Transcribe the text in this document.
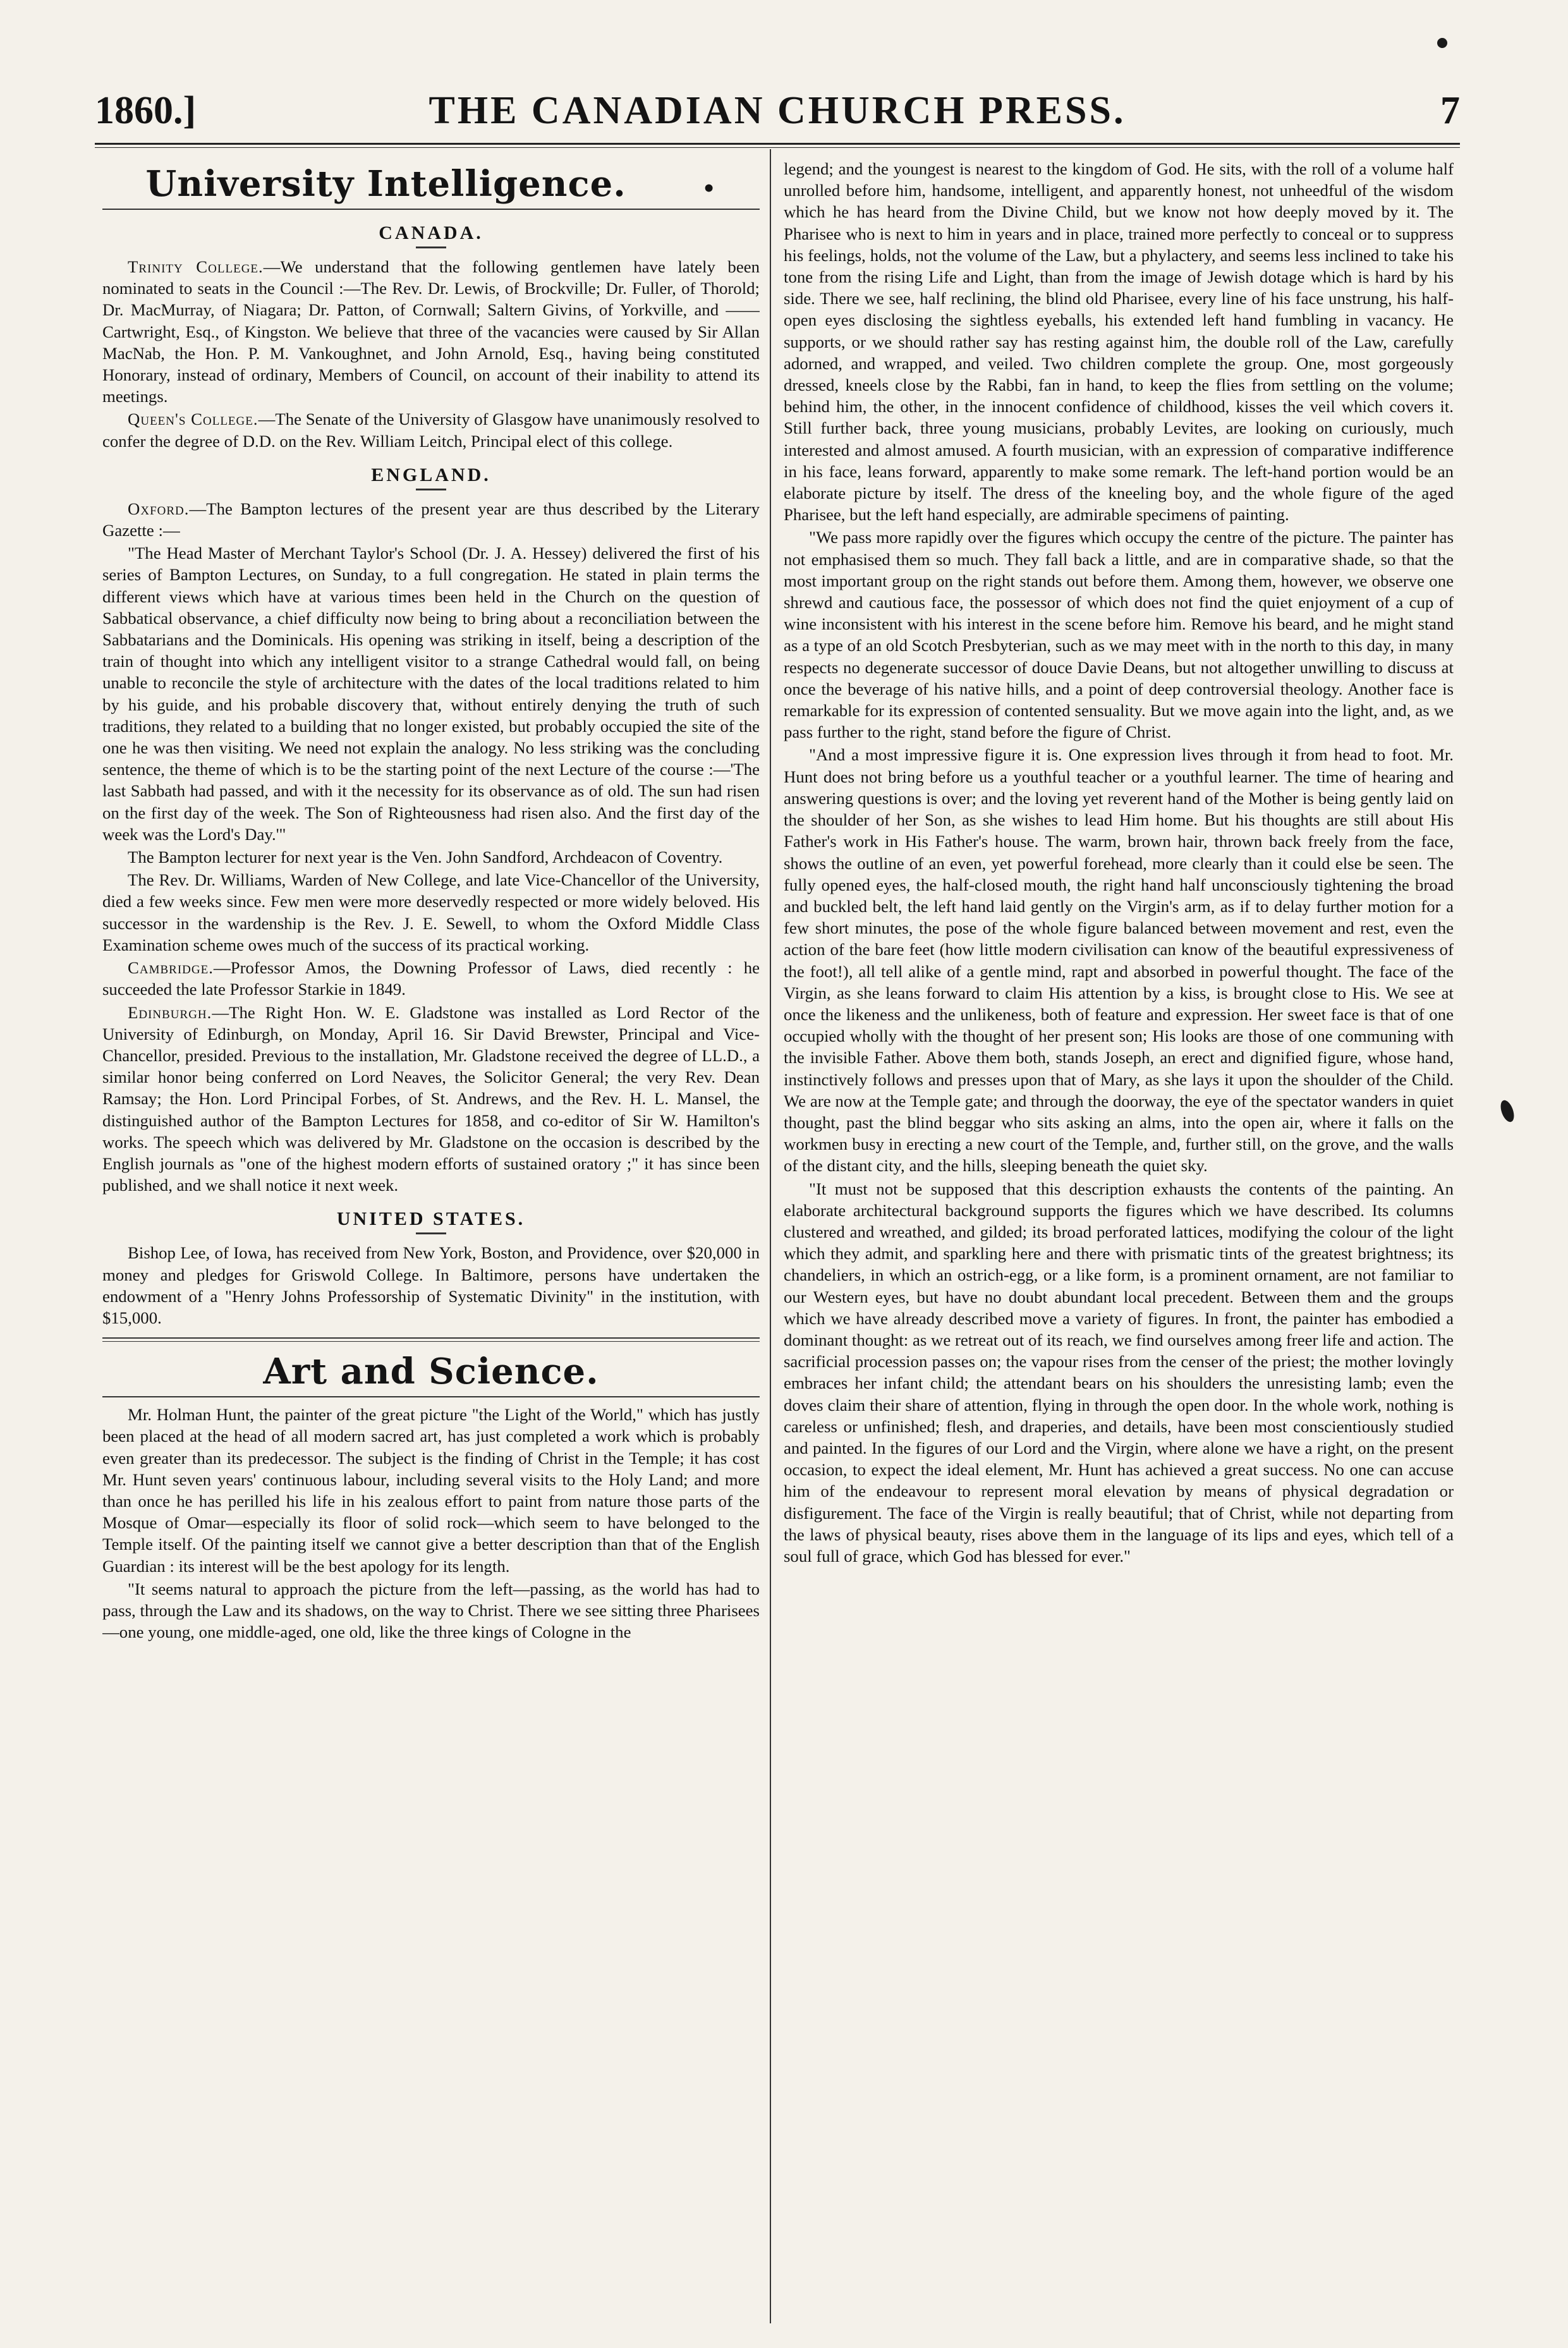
1860.]	THE CANADIAN CHURCH PRESS.	7
University Intelligence.	•
CANADA.

Trinity College.—We understand that the following gentlemen have lately been nominated to seats in the Council :—The Rev. Dr. Lewis, of Brockville; Dr. Fuller, of Thorold; Dr. MacMurray, of Niagara; Dr. Patton, of Cornwall; Saltern Givins, of Yorkville, and —— Cartwright, Esq., of Kingston. We believe that three of the vacancies were caused by Sir Allan MacNab, the Hon. P. M. Vankoughnet, and John Arnold, Esq., having being constituted Honorary, instead of ordinary, Members of Council, on account of their inability to attend its meetings.

Queen's College.—The Senate of the University of Glasgow have unanimously resolved to confer the degree of D.D. on the Rev. William Leitch, Principal elect of this college.

ENGLAND.

Oxford.—The Bampton lectures of the present year are thus described by the Literary Gazette :—

"The Head Master of Merchant Taylor's School (Dr. J. A. Hessey) delivered the first of his series of Bampton Lectures, on Sunday, to a full congregation. He stated in plain terms the different views which have at various times been held in the Church on the question of Sabbatical observance, a chief difficulty now being to bring about a reconciliation between the Sabbatarians and the Dominicals. His opening was striking in itself, being a description of the train of thought into which any intelligent visitor to a strange Cathedral would fall, on being unable to reconcile the style of architecture with the dates of the local traditions related to him by his guide, and his probable discovery that, without entirely denying the truth of such traditions, they related to a building that no longer existed, but probably occupied the site of the one he was then visiting. We need not explain the analogy. No less striking was the concluding sentence, the theme of which is to be the starting point of the next Lecture of the course :—'The last Sabbath had passed, and with it the necessity for its observance as of old. The sun had risen on the first day of the week. The Son of Righteousness had risen also. And the first day of the week was the Lord's Day.'"

The Bampton lecturer for next year is the Ven. John Sandford, Archdeacon of Coventry.

The Rev. Dr. Williams, Warden of New College, and late Vice-Chancellor of the University, died a few weeks since. Few men were more deservedly respected or more widely beloved. His successor in the wardenship is the Rev. J. E. Sewell, to whom the Oxford Middle Class Examination scheme owes much of the success of its practical working.

Cambridge.—Professor Amos, the Downing Professor of Laws, died recently : he succeeded the late Professor Starkie in 1849.

Edinburgh.—The Right Hon. W. E. Gladstone was installed as Lord Rector of the University of Edinburgh, on Monday, April 16. Sir David Brewster, Principal and Vice-Chancellor, presided. Previous to the installation, Mr. Gladstone received the degree of LL.D., a similar honor being conferred on Lord Neaves, the Solicitor General; the very Rev. Dean Ramsay; the Hon. Lord Principal Forbes, of St. Andrews, and the Rev. H. L. Mansel, the distinguished author of the Bampton Lectures for 1858, and co-editor of Sir W. Hamilton's works. The speech which was delivered by Mr. Gladstone on the occasion is described by the English journals as "one of the highest modern efforts of sustained oratory ;" it has since been published, and we shall notice it next week.

UNITED STATES.

Bishop Lee, of Iowa, has received from New York, Boston, and Providence, over $20,000 in money and pledges for Griswold College. In Baltimore, persons have undertaken the endowment of a "Henry Johns Professorship of Systematic Divinity" in the institution, with $15,000.

Art and Science.

Mr. Holman Hunt, the painter of the great picture "the Light of the World," which has justly been placed at the head of all modern sacred art, has just completed a work which is probably even greater than its predecessor. The subject is the finding of Christ in the Temple; it has cost Mr. Hunt seven years' continuous labour, including several visits to the Holy Land; and more than once he has perilled his life in his zealous effort to paint from nature those parts of the Mosque of Omar—especially its floor of solid rock—which seem to have belonged to the Temple itself. Of the painting itself we cannot give a better description than that of the English Guardian : its interest will be the best apology for its length.

"It seems natural to approach the picture from the left—passing, as the world has had to pass, through the Law and its shadows, on the way to Christ. There we see sitting three Pharisees—one young, one middle-aged, one old, like the three kings of Cologne in the

legend; and the youngest is nearest to the kingdom of God. He sits, with the roll of a volume half unrolled before him, handsome, intelligent, and apparently honest, not unheedful of the wisdom which he has heard from the Divine Child, but we know not how deeply moved by it. The Pharisee who is next to him in years and in place, trained more perfectly to conceal or to suppress his feelings, holds, not the volume of the Law, but a phylactery, and seems less inclined to take his tone from the rising Life and Light, than from the image of Jewish dotage which is hard by his side. There we see, half reclining, the blind old Pharisee, every line of his face unstrung, his half-open eyes disclosing the sightless eyeballs, his extended left hand fumbling in vacancy. He supports, or we should rather say has resting against him, the double roll of the Law, carefully adorned, and wrapped, and veiled. Two children complete the group. One, most gorgeously dressed, kneels close by the Rabbi, fan in hand, to keep the flies from settling on the volume; behind him, the other, in the innocent confidence of childhood, kisses the veil which covers it. Still further back, three young musicians, probably Levites, are looking on curiously, much interested and almost amused. A fourth musician, with an expression of comparative indifference in his face, leans forward, apparently to make some remark. The left-hand portion would be an elaborate picture by itself. The dress of the kneeling boy, and the whole figure of the aged Pharisee, but the left hand especially, are admirable specimens of painting.

"We pass more rapidly over the figures which occupy the centre of the picture. The painter has not emphasised them so much. They fall back a little, and are in comparative shade, so that the most important group on the right stands out before them. Among them, however, we observe one shrewd and cautious face, the possessor of which does not find the quiet enjoyment of a cup of wine inconsistent with his interest in the scene before him. Remove his beard, and he might stand as a type of an old Scotch Presbyterian, such as we may meet with in the north to this day, in many respects no degenerate successor of douce Davie Deans, but not altogether unwilling to discuss at once the beverage of his native hills, and a point of deep controversial theology. Another face is remarkable for its expression of contented sensuality. But we move again into the light, and, as we pass further to the right, stand before the figure of Christ.

"And a most impressive figure it is. One expression lives through it from head to foot. Mr. Hunt does not bring before us a youthful teacher or a youthful learner. The time of hearing and answering questions is over; and the loving yet reverent hand of the Mother is being gently laid on the shoulder of her Son, as she wishes to lead Him home. But his thoughts are still about His Father's work in His Father's house. The warm, brown hair, thrown back freely from the face, shows the outline of an even, yet powerful forehead, more clearly than it could else be seen. The fully opened eyes, the half-closed mouth, the right hand half unconsciously tightening the broad and buckled belt, the left hand laid gently on the Virgin's arm, as if to delay further motion for a few short minutes, the pose of the whole figure balanced between movement and rest, even the action of the bare feet (how little modern civilisation can know of the beautiful expressiveness of the foot!), all tell alike of a gentle mind, rapt and absorbed in powerful thought. The face of the Virgin, as she leans forward to claim His attention by a kiss, is brought close to His. We see at once the likeness and the unlikeness, both of feature and expression. Her sweet face is that of one occupied wholly with the thought of her present son; His looks are those of one communing with the invisible Father. Above them both, stands Joseph, an erect and dignified figure, whose hand, instinctively follows and presses upon that of Mary, as she lays it upon the shoulder of the Child. We are now at the Temple gate; and through the doorway, the eye of the spectator wanders in quiet thought, past the blind beggar who sits asking an alms, into the open air, where it falls on the workmen busy in erecting a new court of the Temple, and, further still, on the grove, and the walls of the distant city, and the hills, sleeping beneath the quiet sky.

"It must not be supposed that this description exhausts the contents of the painting. An elaborate architectural background supports the figures which we have described. Its columns clustered and wreathed, and gilded; its broad perforated lattices, modifying the colour of the light which they admit, and sparkling here and there with prismatic tints of the greatest brightness; its chandeliers, in which an ostrich-egg, or a like form, is a prominent ornament, are not familiar to our Western eyes, but have no doubt abundant local precedent. Between them and the groups which we have already described move a variety of figures. In front, the painter has embodied a dominant thought: as we retreat out of its reach, we find ourselves among freer life and action. The sacrificial procession passes on; the vapour rises from the censer of the priest; the mother lovingly embraces her infant child; the attendant bears on his shoulders the unresisting lamb; even the doves claim their share of attention, flying in through the open door. In the whole work, nothing is careless or unfinished; flesh, and draperies, and details, have been most conscientiously studied and painted. In the figures of our Lord and the Virgin, where alone we have a right, on the present occasion, to expect the ideal element, Mr. Hunt has achieved a great success. No one can accuse him of the endeavour to represent moral elevation by means of physical degradation or disfigurement. The face of the Virgin is really beautiful; that of Christ, while not departing from the laws of physical beauty, rises above them in the language of its lips and eyes, which tell of a soul full of grace, which God has blessed for ever."
